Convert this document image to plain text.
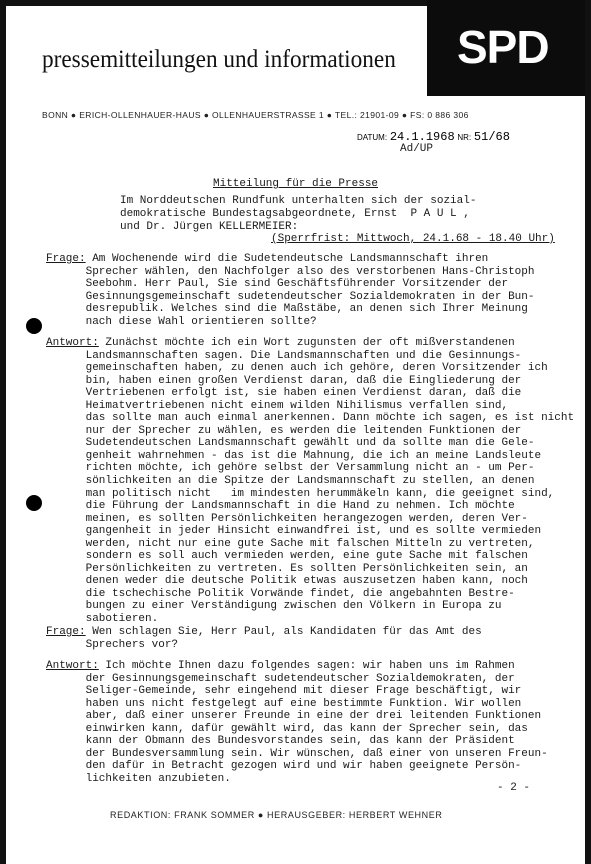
SPD
pressemitteilungen und informationen
BONN ● ERICH-OLLENHAUER-HAUS ● OLLENHAUERSTRASSE 1 ● TEL.: 21901-09 ● FS: 0 886 306
DATUM: 24.1.1968 NR: 51/68
Ad/UP
Mitteilung für die Presse
Im Norddeutschen Rundfunk unterhalten sich der sozial-
demokratische Bundestagsabgeordnete, Ernst  P A U L ,
und Dr. Jürgen KELLERMEIER:
(Sperrfrist: Mittwoch, 24.1.68 - 18.40 Uhr)
Frage: Am Wochenende wird die Sudetendeutsche Landsmannschaft ihren
Sprecher wählen, den Nachfolger also des verstorbenen Hans-Christoph
Seebohm. Herr Paul, Sie sind Geschäftsführender Vorsitzender der
Gesinnungsgemeinschaft sudetendeutscher Sozialdemokraten in der Bun-
desrepublik. Welches sind die Maßstäbe, an denen sich Ihrer Meinung
nach diese Wahl orientieren sollte?
Antwort: Zunächst möchte ich ein Wort zugunsten der oft mißverstandenen
Landsmannschaften sagen. Die Landsmannschaften und die Gesinnungs-
gemeinschaften haben, zu denen auch ich gehöre, deren Vorsitzender ich
bin, haben einen großen Verdienst daran, daß die Eingliederung der
Vertriebenen erfolgt ist, sie haben einen Verdienst daran, daß die
Heimatvertriebenen nicht einem wilden Nihilismus verfallen sind,
das sollte man auch einmal anerkennen. Dann möchte ich sagen, es ist nicht
nur der Sprecher zu wählen, es werden die leitenden Funktionen der
Sudetendeutschen Landsmannschaft gewählt und da sollte man die Gele-
genheit wahrnehmen - das ist die Mahnung, die ich an meine Landsleute
richten möchte, ich gehöre selbst der Versammlung nicht an - um Per-
sönlichkeiten an die Spitze der Landsmannschaft zu stellen, an denen
man politisch nicht   im mindesten herummäkeln kann, die geeignet sind,
die Führung der Landsmannschaft in die Hand zu nehmen. Ich möchte
meinen, es sollten Persönlichkeiten herangezogen werden, deren Ver-
gangenheit in jeder Hinsicht einwandfrei ist, und es sollte vermieden
werden, nicht nur eine gute Sache mit falschen Mitteln zu vertreten,
sondern es soll auch vermieden werden, eine gute Sache mit falschen
Persönlichkeiten zu vertreten. Es sollten Persönlichkeiten sein, an
denen weder die deutsche Politik etwas auszusetzen haben kann, noch
die tschechische Politik Vorwände findet, die angebahnten Bestre-
bungen zu einer Verständigung zwischen den Völkern in Europa zu
sabotieren.
Frage: Wen schlagen Sie, Herr Paul, als Kandidaten für das Amt des
Sprechers vor?
Antwort: Ich möchte Ihnen dazu folgendes sagen: wir haben uns im Rahmen
der Gesinnungsgemeinschaft sudetendeutscher Sozialdemokraten, der
Seliger-Gemeinde, sehr eingehend mit dieser Frage beschäftigt, wir
haben uns nicht festgelegt auf eine bestimmte Funktion. Wir wollen
aber, daß einer unserer Freunde in eine der drei leitenden Funktionen
einwirken kann, dafür gewählt wird, das kann der Sprecher sein, das
kann der Obmann des Bundesvorstandes sein, das kann der Präsident
der Bundesversammlung sein. Wir wünschen, daß einer von unseren Freun-
den dafür in Betracht gezogen wird und wir haben geeignete Persön-
lichkeiten anzubieten.
- 2 -
REDAKTION: FRANK SOMMER ● HERAUSGEBER: HERBERT WEHNER
